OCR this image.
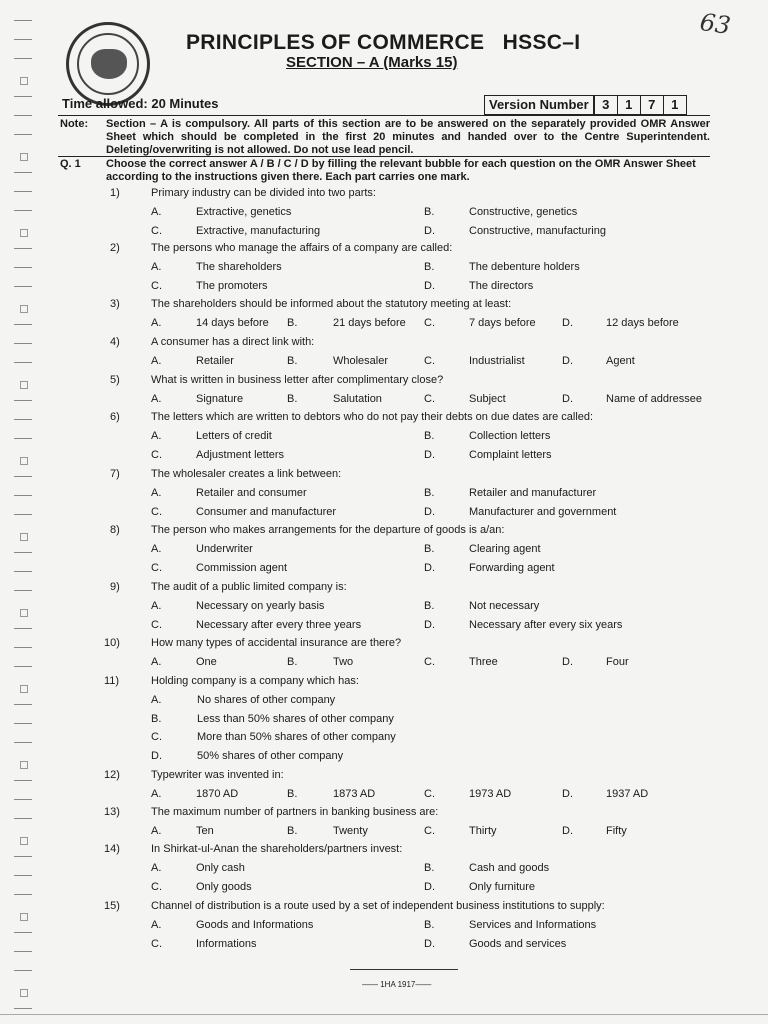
63
PRINCIPLES OF COMMERCE   HSSC–I
SECTION – A (Marks 15)
Time allowed: 20 Minutes	Version Number	3	1	7	1
Note: Section – A is compulsory. All parts of this section are to be answered on the separately provided OMR Answer Sheet which should be completed in the first 20 minutes and handed over to the Centre Superintendent. Deleting/overwriting is not allowed. Do not use lead pencil.
Q. 1 Choose the correct answer A / B / C / D by filling the relevant bubble for each question on the OMR Answer Sheet according to the instructions given there. Each part carries one mark.
1)	Primary industry can be divided into two parts:
A.	Extractive, genetics	B.	Constructive, genetics
C.	Extractive, manufacturing	D.	Constructive, manufacturing
2)	The persons who manage the affairs of a company are called:
A.	The shareholders	B.	The debenture holders
C.	The promoters	D.	The directors
3)	The shareholders should be informed about the statutory meeting at least:
A.	14 days before B.	21 days before C.	7 days before D.	12 days before
4)	A consumer has a direct link with:
A.	Retailer	B.	Wholesaler	C.	Industrialist	D.	Agent
5)	What is written in business letter after complimentary close?
A.	Signature	B.	Salutation	C.	Subject	D.	Name of addressee
6)	The letters which are written to debtors who do not pay their debts on due dates are called:
A.	Letters of credit	B.	Collection letters
C.	Adjustment letters	D.	Complaint letters
7)	The wholesaler creates a link between:
A.	Retailer and consumer	B.	Retailer and manufacturer
C.	Consumer and manufacturer	D.	Manufacturer and government
8)	The person who makes arrangements for the departure of goods is a/an:
A.	Underwriter	B.	Clearing agent
C.	Commission agent	D.	Forwarding agent
9)	The audit of a public limited company is:
A.	Necessary on yearly basis	B.	Not necessary
C.	Necessary after every three years	D.	Necessary after every six years
10)	How many types of accidental insurance are there?
A.	One	B.	Two	C.	Three	D.	Four
11)	Holding company is a company which has:
A.	No shares of other company
B.	Less than 50% shares of other company
C.	More than 50% shares of other company
D.	50% shares of other company
12)	Typewriter was invented in:
A.	1870 AD	B.	1873 AD	C.	1973 AD	D.	1937 AD
13)	The maximum number of partners in banking business are:
A.	Ten	B.	Twenty	C.	Thirty	D.	Fifty
14)	In Shirkat-ul-Anan the shareholders/partners invest:
A.	Only cash	B.	Cash and goods
C.	Only goods	D.	Only furniture
15)	Channel of distribution is a route used by a set of independent business institutions to supply:
A.	Goods and Informations	B.	Services and Informations
C.	Informations	D.	Goods and services
—— 1HA 1917——
